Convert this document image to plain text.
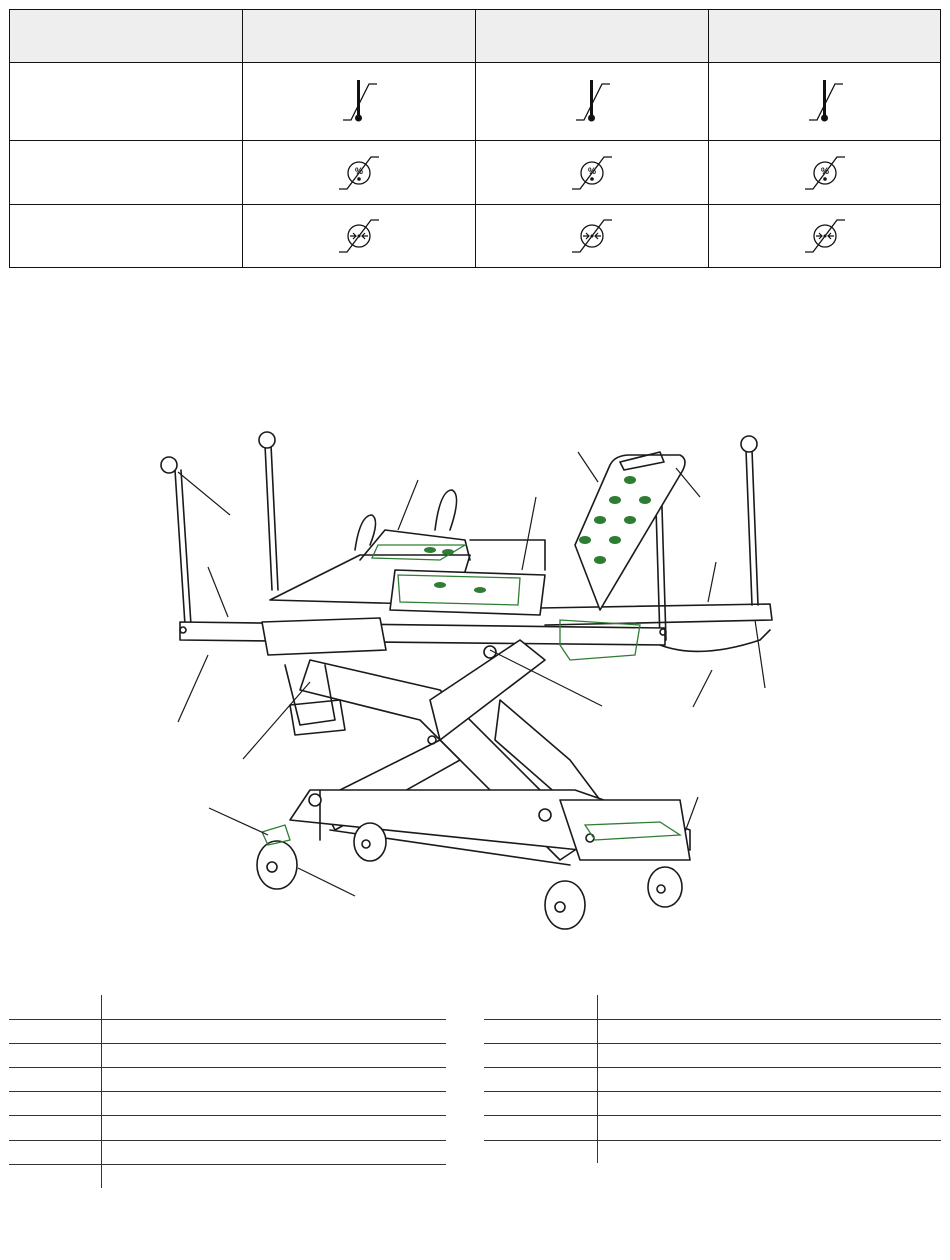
%	%	%
